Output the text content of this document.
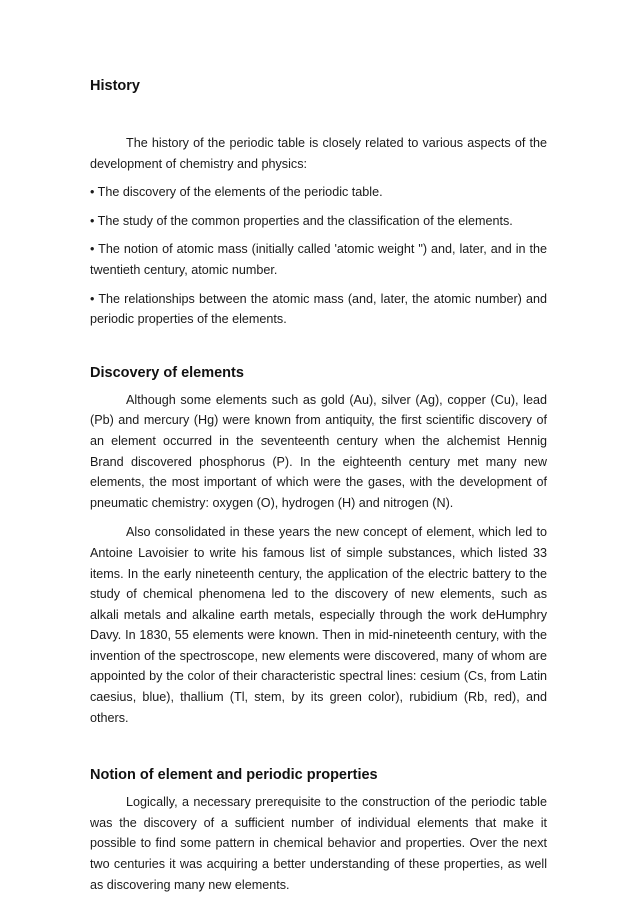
History

The history of the periodic table is closely related to various aspects of the development of chemistry and physics:

• The discovery of the elements of the periodic table.

• The study of the common properties and the classification of the elements.

• The notion of atomic mass (initially called 'atomic weight ") and, later, and in the twentieth century, atomic number.

• The relationships between the atomic mass (and, later, the atomic number) and periodic properties of the elements.

Discovery of elements

Although some elements such as gold (Au), silver (Ag), copper (Cu), lead (Pb) and mercury (Hg) were known from antiquity, the first scientific discovery of an element occurred in the seventeenth century when the alchemist Hennig Brand discovered phosphorus (P). In the eighteenth century met many new elements, the most important of which were the gases, with the development of pneumatic chemistry: oxygen (O), hydrogen (H) and nitrogen (N).

Also consolidated in these years the new concept of element, which led to Antoine Lavoisier to write his famous list of simple substances, which listed 33 items. In the early nineteenth century, the application of the electric battery to the study of chemical phenomena led to the discovery of new elements, such as alkali metals and alkaline earth metals, especially through the work deHumphry Davy. In 1830, 55 elements were known. Then in mid-nineteenth century, with the invention of the spectroscope, new elements were discovered, many of whom are appointed by the color of their characteristic spectral lines: cesium (Cs, from Latin caesius, blue), thallium (Tl, stem, by its green color), rubidium (Rb, red), and others.

Notion of element and periodic properties

Logically, a necessary prerequisite to the construction of the periodic table was the discovery of a sufficient number of individual elements that make it possible to find some pattern in chemical behavior and properties. Over the next two centuries it was acquiring a better understanding of these properties, as well as discovering many new elements.
